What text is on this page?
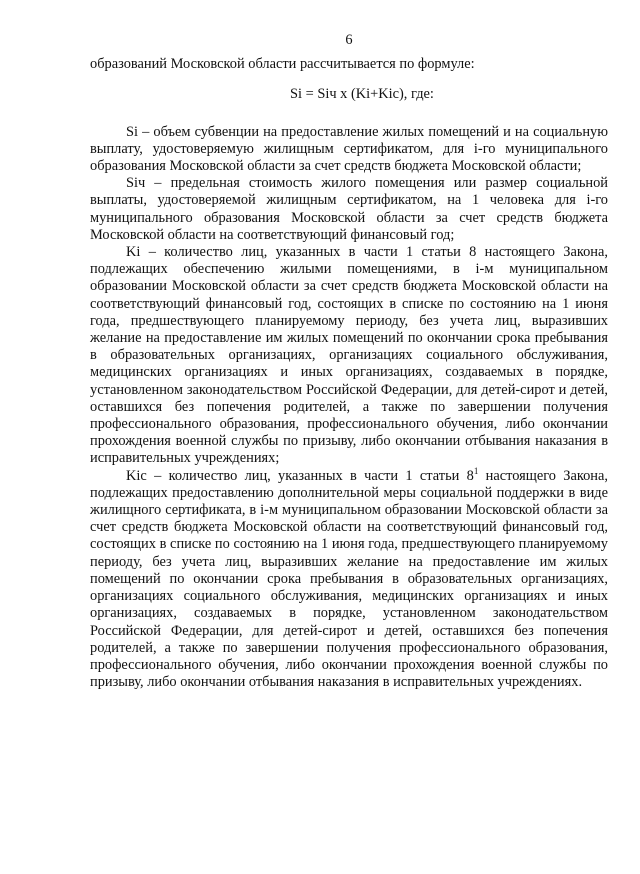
6

образований Московской области рассчитывается по формуле:

Si = Siч x (Ki+Kic), где:

Si – объем субвенции на предоставление жилых помещений и на социальную выплату, удостоверяемую жилищным сертификатом, для i-го муниципального образования Московской области за счет средств бюджета Московской области;

Siч – предельная стоимость жилого помещения или размер социальной выплаты, удостоверяемой жилищным сертификатом, на 1 человека для i-го муниципального образования Московской области за счет средств бюджета Московской области на соответствующий финансовый год;

Ki – количество лиц, указанных в части 1 статьи 8 настоящего Закона, подлежащих обеспечению жилыми помещениями, в i-м муниципальном образовании Московской области за счет средств бюджета Московской области на соответствующий финансовый год, состоящих в списке по состоянию на 1 июня года, предшествующего планируемому периоду, без учета лиц, выразивших желание на предоставление им жилых помещений по окончании срока пребывания в образовательных организациях, организациях социального обслуживания, медицинских организациях и иных организациях, создаваемых в порядке, установленном законодательством Российской Федерации, для детей-сирот и детей, оставшихся без попечения родителей, а также по завершении получения профессионального образования, профессионального обучения, либо окончании прохождения военной службы по призыву, либо окончании отбывания наказания в исправительных учреждениях;

Kic – количество лиц, указанных в части 1 статьи $8^1$ настоящего Закона, подлежащих предоставлению дополнительной меры социальной поддержки в виде жилищного сертификата, в i-м муниципальном образовании Московской области за счет средств бюджета Московской области на соответствующий финансовый год, состоящих в списке по состоянию на 1 июня года, предшествующего планируемому периоду, без учета лиц, выразивших желание на предоставление им жилых помещений по окончании срока пребывания в образовательных организациях, организациях социального обслуживания, медицинских организациях и иных организациях, создаваемых в порядке, установленном законодательством Российской Федерации, для детей-сирот и детей, оставшихся без попечения родителей, а также по завершении получения профессионального образования, профессионального обучения, либо окончании прохождения военной службы по призыву, либо окончании отбывания наказания в исправительных учреждениях.
